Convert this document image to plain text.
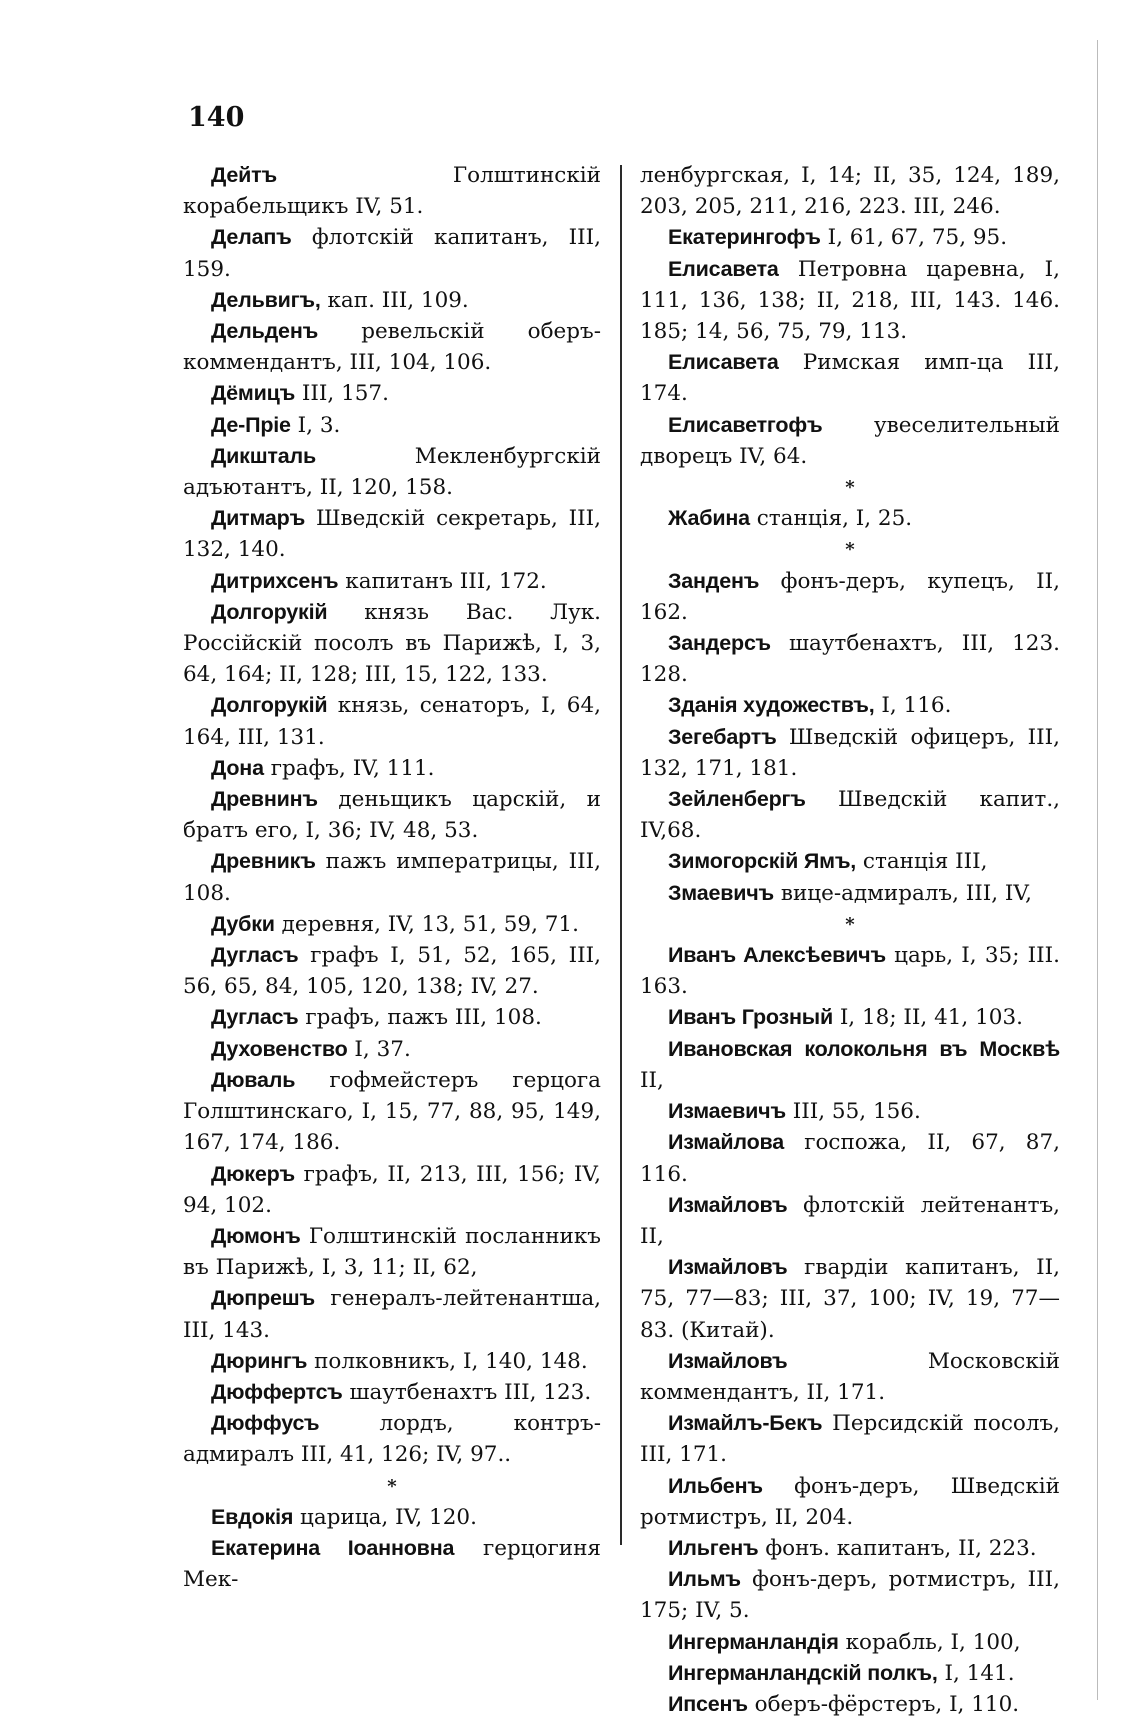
140

Дейтъ Голштинскій корабельщикъ IV, 51.

Делапъ флотскій капитанъ, III, 159.

Дельвигъ, кап. III, 109.

Дельденъ ревельскій оберъ-коммендантъ, III, 104, 106.

Дёмицъ III, 157.

Де-Прiе I, 3.

Дикшталь Мекленбургскій адъютантъ, II, 120, 158.

Дитмаръ Шведскій секретарь, III, 132, 140.

Дитрихсенъ капитанъ III, 172.

Долгорукій князь Вас. Лук. Россійскій посолъ въ Парижѣ, I, 3, 64, 164; II, 128; III, 15, 122, 133.

Долгорукій князь, сенаторъ, I, 64, 164, III, 131.

Дона графъ, IV, 111.

Древнинъ деньщикъ царскій, и братъ его, I, 36; IV, 48, 53.

Древникъ пажъ императрицы, III, 108.

Дубки деревня, IV, 13, 51, 59, 71.

Дугласъ графъ I, 51, 52, 165, III, 56, 65, 84, 105, 120, 138; IV, 27.

Дугласъ графъ, пажъ III, 108.

Духовенство I, 37.

Дюваль гофмейстеръ герцога Голштинскаго, I, 15, 77, 88, 95, 149, 167, 174, 186.

Дюкеръ графъ, II, 213, III, 156; IV, 94, 102.

Дюмонъ Голштинскій посланникъ въ Парижѣ, I, 3, 11; II, 62,

Дюпрешъ генералъ-лейтенантша, III, 143.

Дюрингъ полковникъ, I, 140, 148.

Дюффертсъ шаутбенахтъ III, 123.

Дюффусъ лордъ, контръ-адмиралъ III, 41, 126; IV, 97..

*

Евдокія царица, IV, 120.

Екатерина Іоанновна герцогиня Мек-

ленбургская, I, 14; II, 35, 124, 189, 203, 205, 211, 216, 223. III, 246.

Екатерингофъ I, 61, 67, 75, 95.

Елисавета Петровна царевна, I, 111, 136, 138; II, 218, III, 143. 146. 185; 14, 56, 75, 79, 113.

Елисавета Римская имп-ца III, 174.

Елисаветгофъ увеселительный дворецъ IV, 64.

*

Жабина станція, I, 25.

*

Занденъ фонъ-деръ, купецъ, II, 162.

Зандерсъ шаутбенахтъ, III, 123. 128.

Зданія художествъ, I, 116.

Зегебартъ Шведскій офицеръ, III, 132, 171, 181.

Зейленбергъ Шведскій капит., IV,68.

Зимогорскій Ямъ, станція III,

Змаевичъ вице-адмиралъ, III, IV,

*

Иванъ Алексѣевичъ царь, I, 35; III. 163.

Иванъ Грозный I, 18; II, 41, 103.

Ивановская колокольня въ Москвѣ II,

Измаевичъ III, 55, 156.

Измайлова госпожа, II, 67, 87, 116.

Измайловъ флотскій лейтенантъ, II,

Измайловъ гвардіи капитанъ, II, 75, 77—83; III, 37, 100; IV, 19, 77—83. (Китай).

Измайловъ Московскій коммендантъ, II, 171.

Измайлъ-Бекъ Персидскій посолъ, III, 171.

Ильбенъ фонъ-деръ, Шведскій ротмистръ, II, 204.

Ильгенъ фонъ. капитанъ, II, 223.

Ильмъ фонъ-деръ, ротмистръ, III, 175; IV, 5.

Ингерманландія корабль, I, 100,

Ингерманландскій полкъ, I, 141.

Ипсенъ оберъ-фёрстеръ, I, 110.
